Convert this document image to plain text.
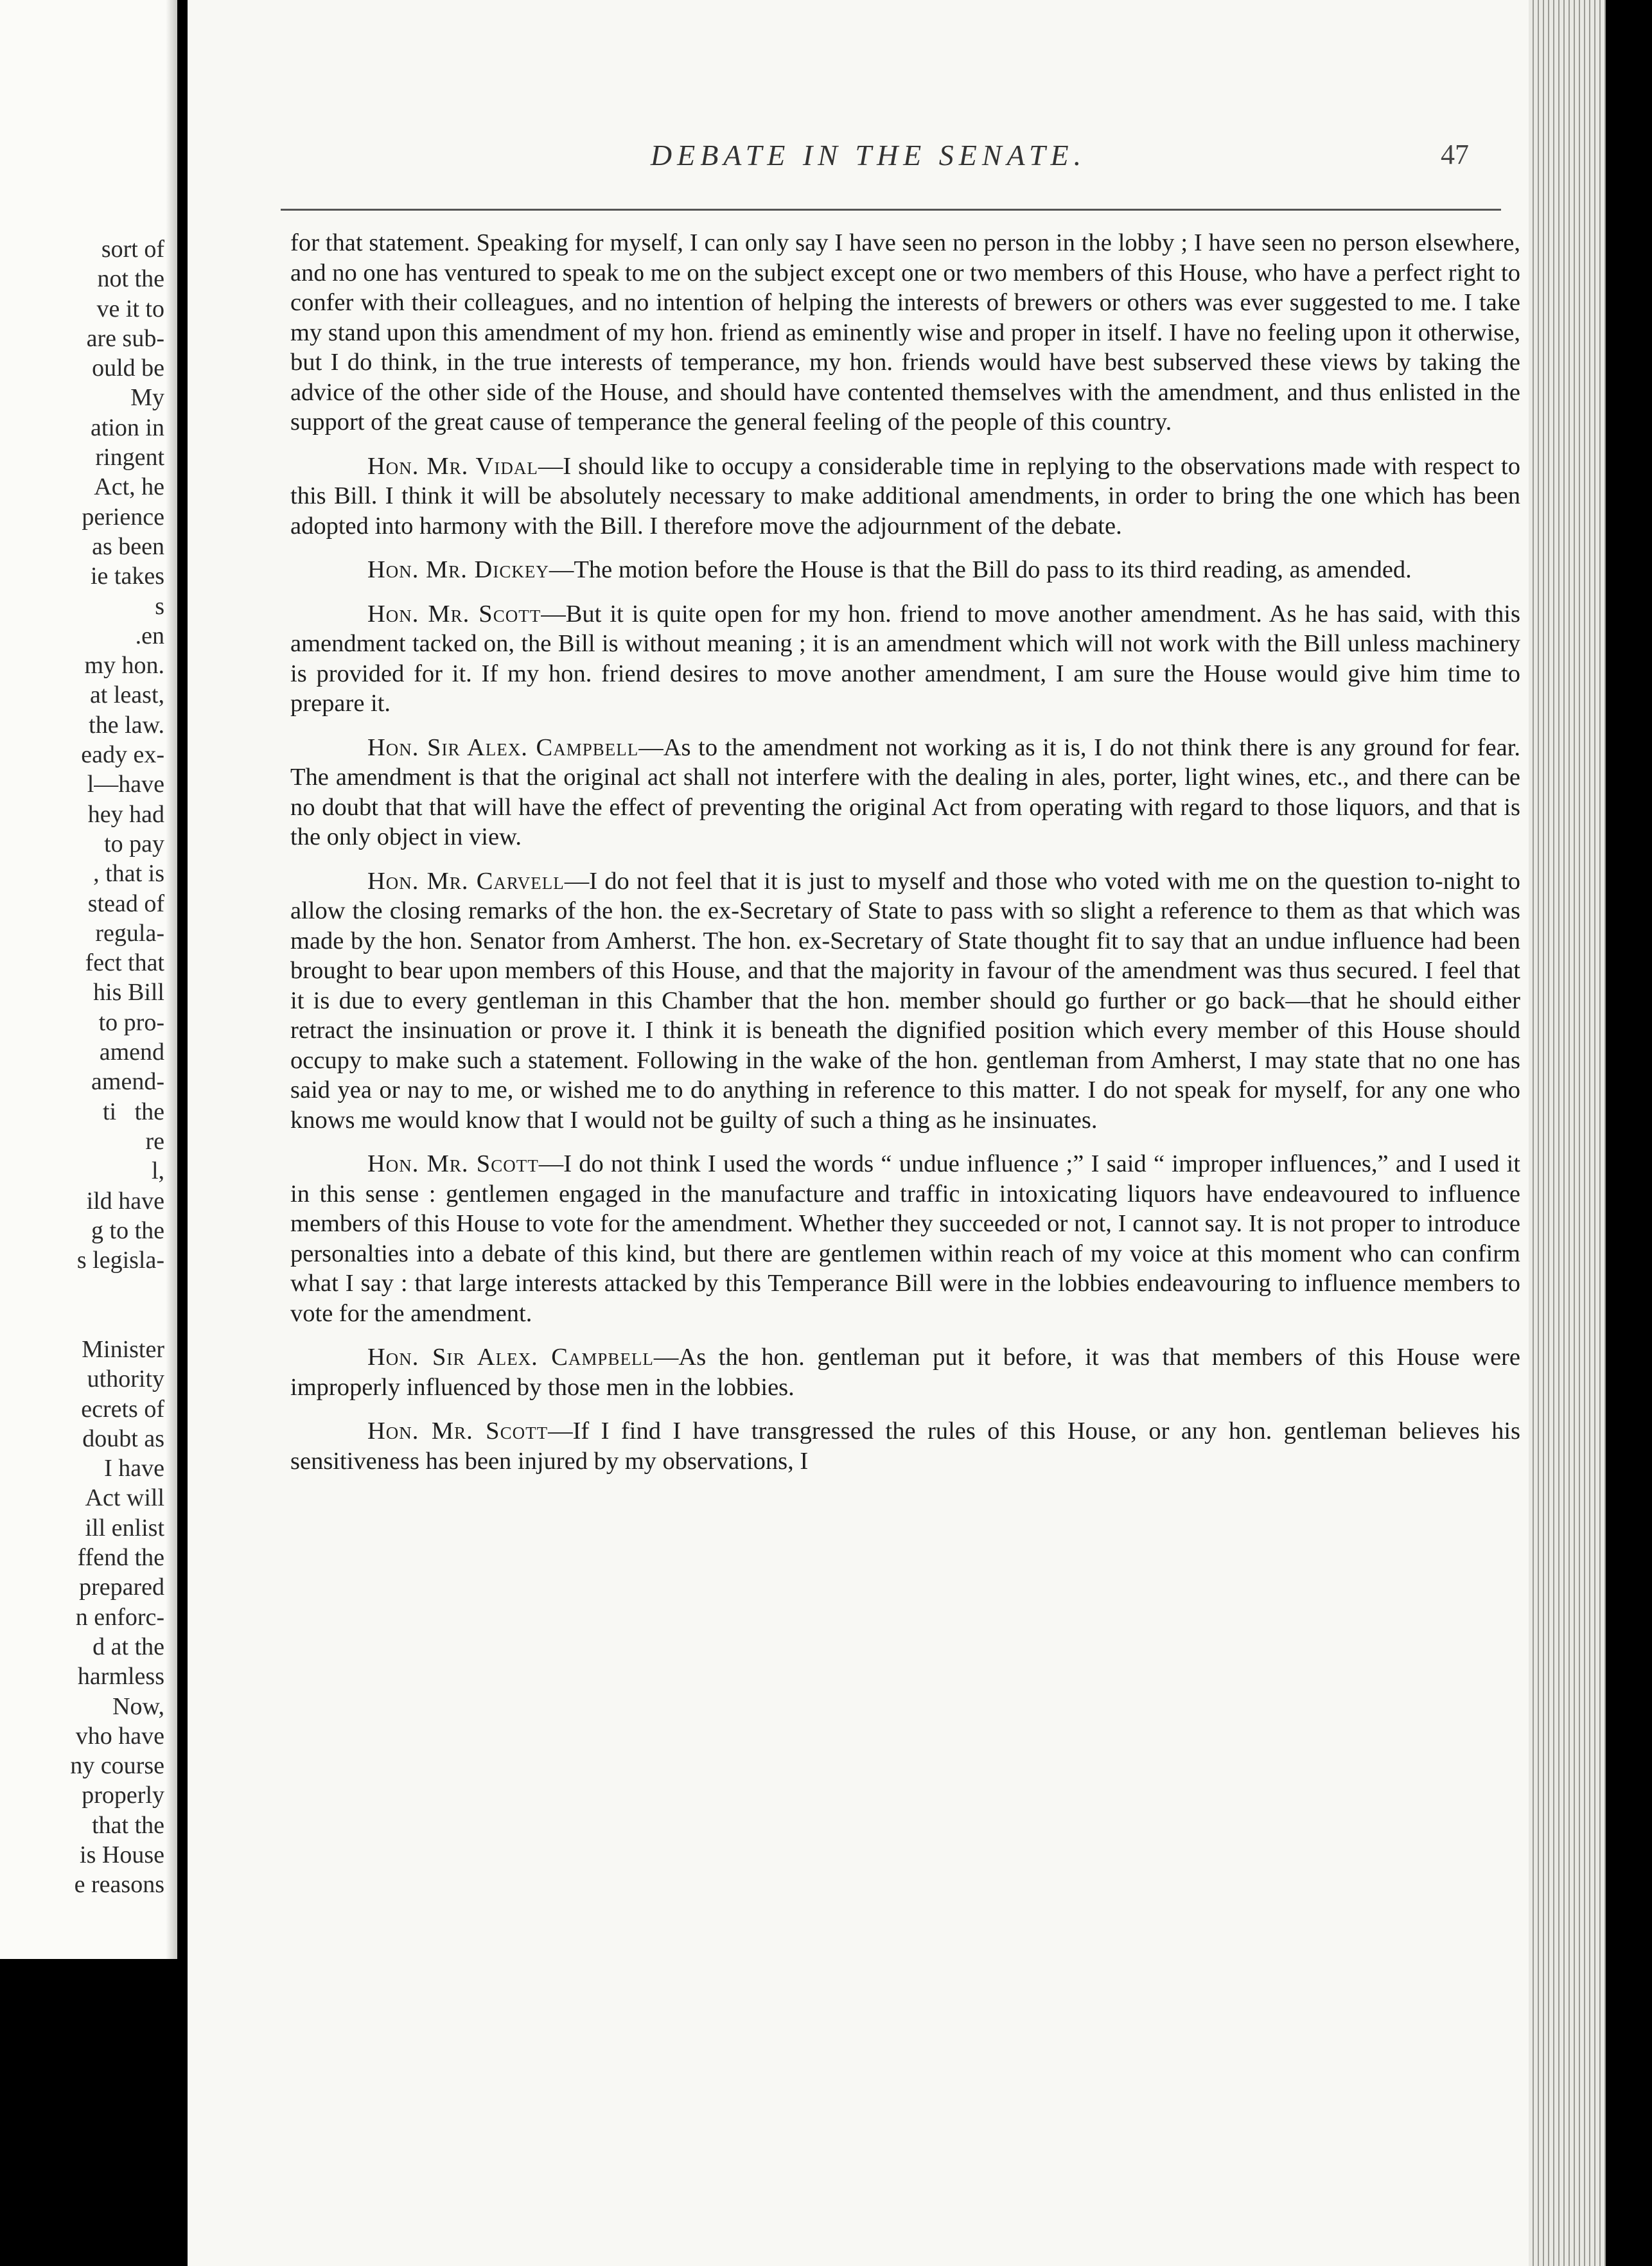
sort of
not the
ve it to
are sub-
ould be
My
ation in
ringent
Act, he
perience
as been
ie takes
s
.en
my hon.
at least,
the law.
eady ex-
l—have
hey had
to pay
, that is
stead of
regula-
fect that
his Bill
to pro-
amend
amend-
ti   the
re
l,
ild have
g to the
s legisla-

Minister
uthority
ecrets of
doubt as
I have
Act will
ill enlist
ffend the
prepared
n enforc-
d at the
harmless
Now,
vho have
ny course
properly
that the
is House
e reasons
DEBATE IN THE SENATE.	47

for that statement. Speaking for myself, I can only say I have seen no person in the lobby ; I have seen no person elsewhere, and no one has ventured to speak to me on the subject except one or two members of this House, who have a perfect right to confer with their colleagues, and no intention of helping the interests of brewers or others was ever suggested to me. I take my stand upon this amendment of my hon. friend as eminently wise and proper in itself. I have no feeling upon it otherwise, but I do think, in the true interests of temperance, my hon. friends would have best subserved these views by taking the advice of the other side of the House, and should have contented themselves with the amendment, and thus enlisted in the support of the great cause of temperance the general feeling of the people of this country.

Hon. Mr. Vidal—I should like to occupy a considerable time in replying to the observations made with respect to this Bill. I think it will be absolutely necessary to make additional amendments, in order to bring the one which has been adopted into harmony with the Bill. I therefore move the adjournment of the debate.

Hon. Mr. Dickey—The motion before the House is that the Bill do pass to its third reading, as amended.

Hon. Mr. Scott—But it is quite open for my hon. friend to move another amendment. As he has said, with this amendment tacked on, the Bill is without meaning ; it is an amendment which will not work with the Bill unless machinery is provided for it. If my hon. friend desires to move another amendment, I am sure the House would give him time to prepare it.

Hon. Sir Alex. Campbell—As to the amendment not working as it is, I do not think there is any ground for fear. The amendment is that the original act shall not interfere with the dealing in ales, porter, light wines, etc., and there can be no doubt that that will have the effect of preventing the original Act from operating with regard to those liquors, and that is the only object in view.

Hon. Mr. Carvell—I do not feel that it is just to myself and those who voted with me on the question to-night to allow the closing remarks of the hon. the ex-Secretary of State to pass with so slight a reference to them as that which was made by the hon. Senator from Amherst. The hon. ex-Secretary of State thought fit to say that an undue influence had been brought to bear upon members of this House, and that the majority in favour of the amendment was thus secured. I feel that it is due to every gentleman in this Chamber that the hon. member should go further or go back—that he should either retract the insinuation or prove it. I think it is beneath the dignified position which every member of this House should occupy to make such a statement. Following in the wake of the hon. gentleman from Amherst, I may state that no one has said yea or nay to me, or wished me to do anything in reference to this matter. I do not speak for myself, for any one who knows me would know that I would not be guilty of such a thing as he insinuates.

Hon. Mr. Scott—I do not think I used the words “ undue influence ;” I said “ improper influences,” and I used it in this sense : gentlemen engaged in the manufacture and traffic in intoxicating liquors have endeavoured to influence members of this House to vote for the amendment. Whether they succeeded or not, I cannot say. It is not proper to introduce personalties into a debate of this kind, but there are gentlemen within reach of my voice at this moment who can confirm what I say : that large interests attacked by this Temperance Bill were in the lobbies endeavouring to influence members to vote for the amendment.

Hon. Sir Alex. Campbell—As the hon. gentleman put it before, it was that members of this House were improperly influenced by those men in the lobbies.

Hon. Mr. Scott—If I find I have transgressed the rules of this House, or any hon. gentleman believes his sensitiveness has been injured by my observations, I
